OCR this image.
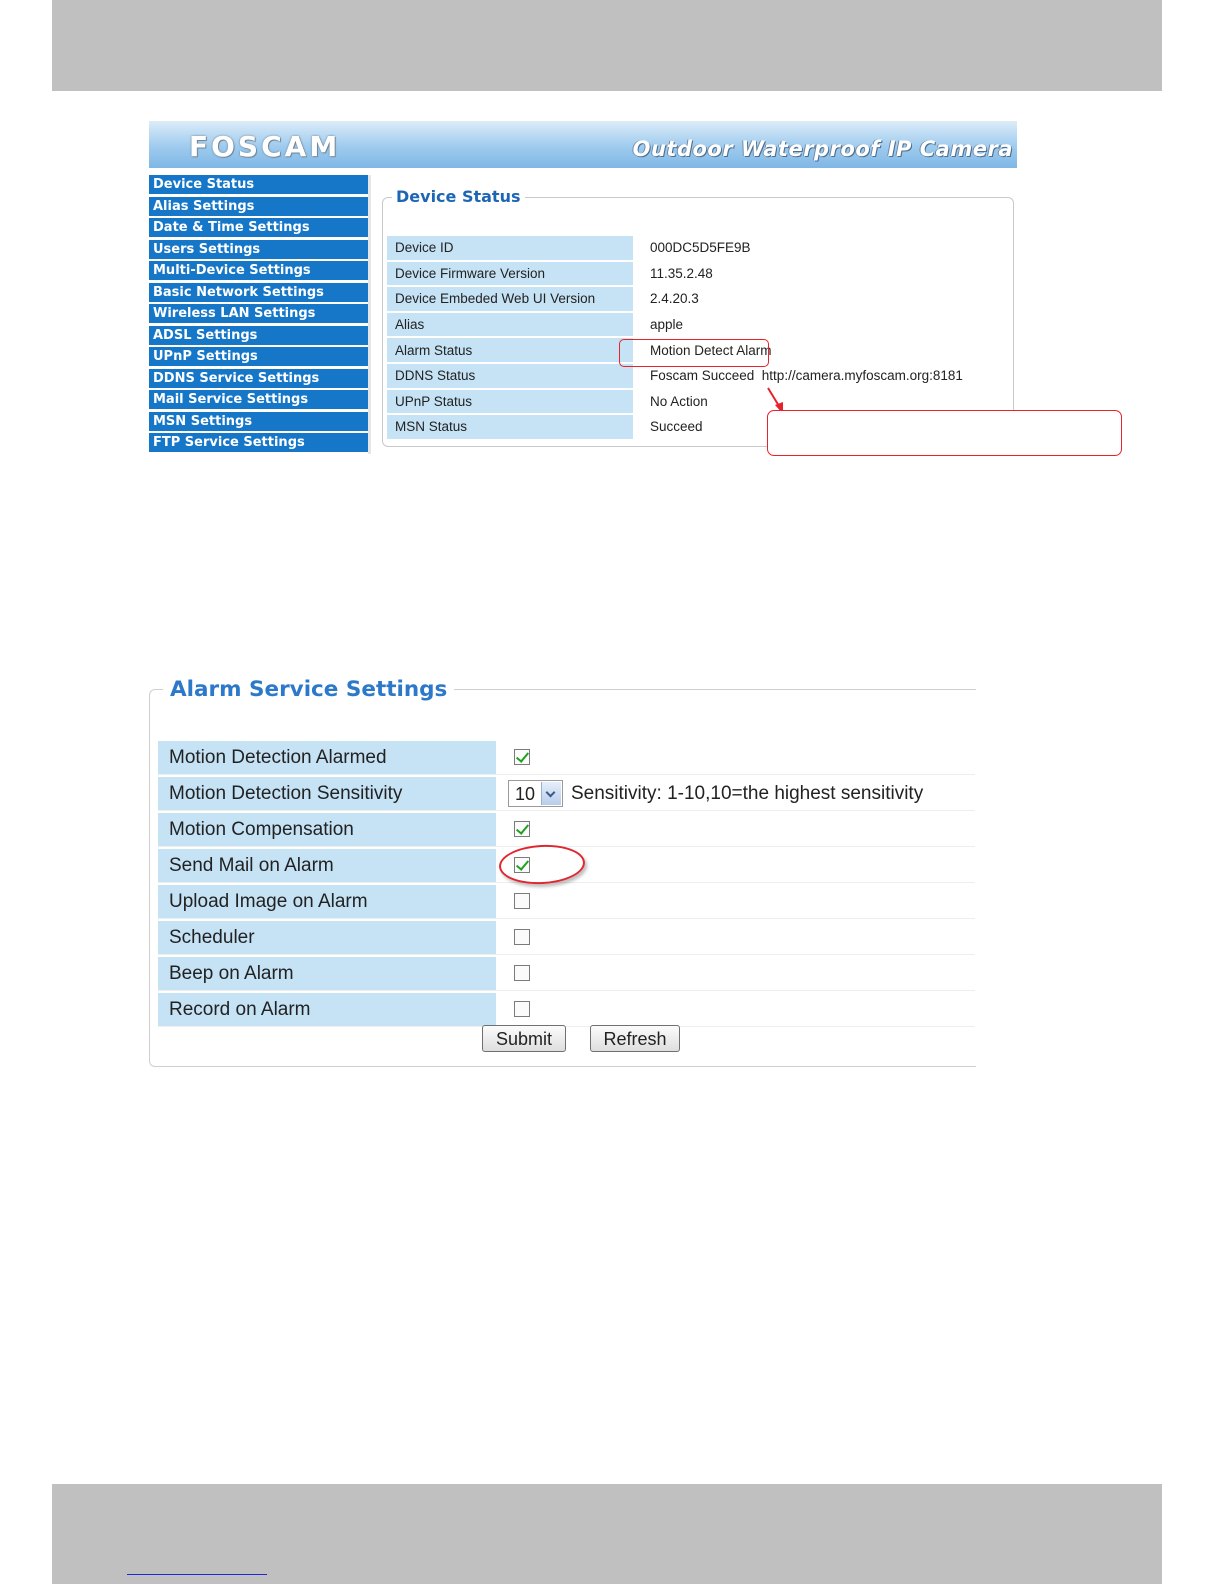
FOSCAM	Outdoor Waterproof IP Camera
Device Status
Alias Settings
Date & Time Settings
Users Settings
Multi-Device Settings
Basic Network Settings
Wireless LAN Settings
ADSL Settings
UPnP Settings
DDNS Service Settings
Mail Service Settings
MSN Settings
FTP Service Settings
Device Status
Device ID	000DC5D5FE9B
Device Firmware Version	11.35.2.48
Device Embeded Web UI Version	2.4.20.3
Alias	apple
Alarm Status	Motion Detect Alarm
DDNS Status	Foscam Succeed  http://camera.myfoscam.org:8181
UPnP Status	No Action
MSN Status	Succeed
Alarm Service Settings
Motion Detection Alarmed
Motion Detection Sensitivity	10 Sensitivity: 1-10,10=the highest sensitivity
Motion Compensation
Send Mail on Alarm
Upload Image on Alarm
Scheduler
Beep on Alarm
Record on Alarm
Submit	Refresh
